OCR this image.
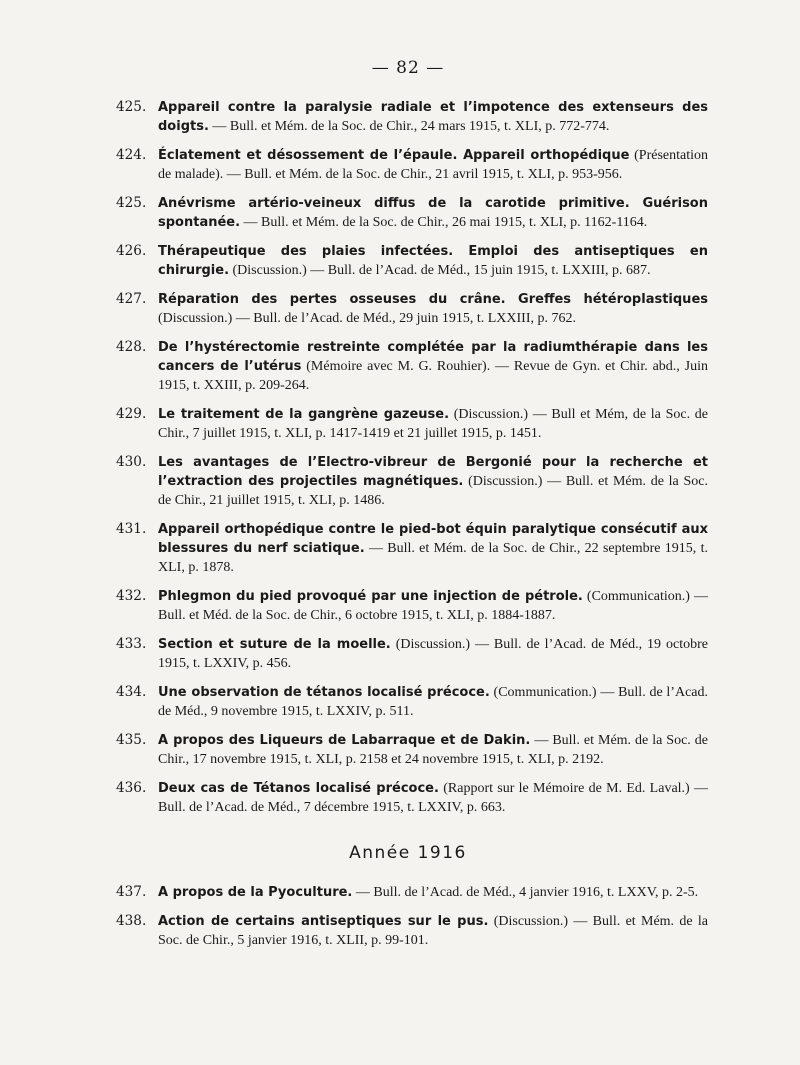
— 82 —
425. Appareil contre la paralysie radiale et l’impotence des extenseurs des doigts. — Bull. et Mém. de la Soc. de Chir., 24 mars 1915, t. XLI, p. 772-774.
424. Éclatement et désossement de l’épaule. Appareil orthopédique (Présentation de malade). — Bull. et Mém. de la Soc. de Chir., 21 avril 1915, t. XLI, p. 953-956.
425. Anévrisme artério-veineux diffus de la carotide primitive. Guérison spontanée. — Bull. et Mém. de la Soc. de Chir., 26 mai 1915, t. XLI, p. 1162-1164.
426. Thérapeutique des plaies infectées. Emploi des antiseptiques en chirurgie. (Discussion.) — Bull. de l’Acad. de Méd., 15 juin 1915, t. LXXIII, p. 687.
427. Réparation des pertes osseuses du crâne. Greffes hétéroplastiques (Discussion.) — Bull. de l’Acad. de Méd., 29 juin 1915, t. LXXIII, p. 762.
428. De l’hystérectomie restreinte complétée par la radiumthérapie dans les cancers de l’utérus (Mémoire avec M. G. Rouhier). — Revue de Gyn. et Chir. abd., Juin 1915, t. XXIII, p. 209-264.
429. Le traitement de la gangrène gazeuse. (Discussion.) — Bull et Mém, de la Soc. de Chir., 7 juillet 1915, t. XLI, p. 1417-1419 et 21 juillet 1915, p. 1451.
430. Les avantages de l’Electro-vibreur de Bergonié pour la recherche et l’extraction des projectiles magnétiques. (Discussion.) — Bull. et Mém. de la Soc. de Chir., 21 juillet 1915, t. XLI, p. 1486.
431. Appareil orthopédique contre le pied-bot équin paralytique consécutif aux blessures du nerf sciatique. — Bull. et Mém. de la Soc. de Chir., 22 septembre 1915, t. XLI, p. 1878.
432. Phlegmon du pied provoqué par une injection de pétrole. (Communication.) — Bull. et Méd. de la Soc. de Chir., 6 octobre 1915, t. XLI, p. 1884-1887.
433. Section et suture de la moelle. (Discussion.) — Bull. de l’Acad. de Méd., 19 octobre 1915, t. LXXIV, p. 456.
434. Une observation de tétanos localisé précoce. (Communication.) — Bull. de l’Acad. de Méd., 9 novembre 1915, t. LXXIV, p. 511.
435. A propos des Liqueurs de Labarraque et de Dakin. — Bull. et Mém. de la Soc. de Chir., 17 novembre 1915, t. XLI, p. 2158 et 24 novembre 1915, t. XLI, p. 2192.
436. Deux cas de Tétanos localisé précoce. (Rapport sur le Mémoire de M. Ed. Laval.) — Bull. de l’Acad. de Méd., 7 décembre 1915, t. LXXIV, p. 663.
Année 1916
437. A propos de la Pyoculture. — Bull. de l’Acad. de Méd., 4 janvier 1916, t. LXXV, p. 2-5.
438. Action de certains antiseptiques sur le pus. (Discussion.) — Bull. et Mém. de la Soc. de Chir., 5 janvier 1916, t. XLII, p. 99-101.
